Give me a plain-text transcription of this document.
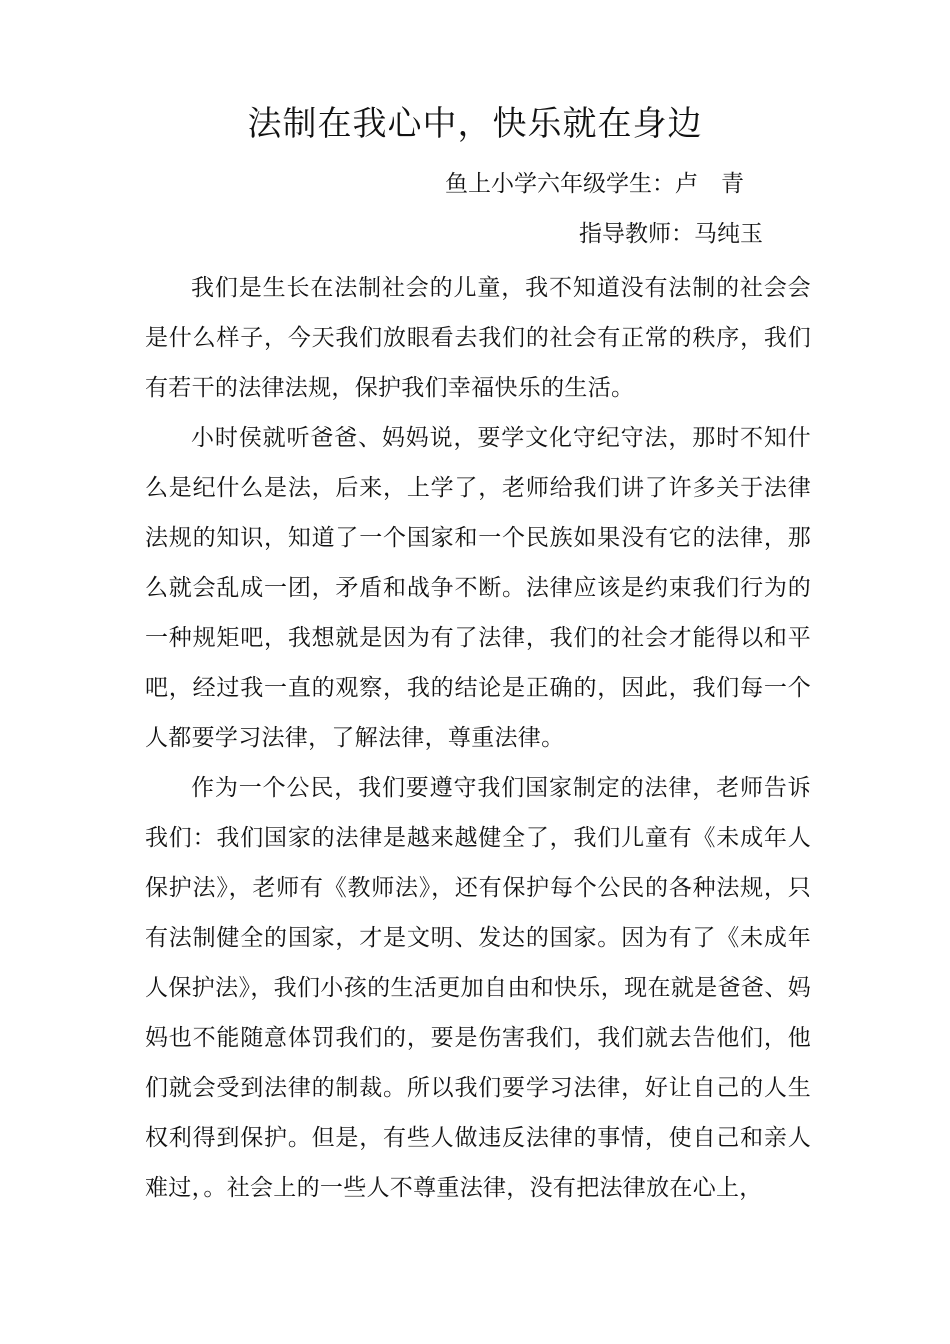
法制在我心中，快乐就在身边

鱼上小学六年级学生：卢　青

指导教师：马纯玉

我们是生长在法制社会的儿童，我不知道没有法制的社会会是什么样子，今天我们放眼看去我们的社会有正常的秩序，我们有若干的法律法规，保护我们幸福快乐的生活。

小时侯就听爸爸、妈妈说，要学文化守纪守法，那时不知什么是纪什么是法，后来，上学了，老师给我们讲了许多关于法律法规的知识，知道了一个国家和一个民族如果没有它的法律，那么就会乱成一团，矛盾和战争不断。法律应该是约束我们行为的一种规矩吧，我想就是因为有了法律，我们的社会才能得以和平吧，经过我一直的观察，我的结论是正确的，因此，我们每一个人都要学习法律，了解法律，尊重法律。

作为一个公民，我们要遵守我们国家制定的法律，老师告诉我们：我们国家的法律是越来越健全了，我们儿童有《未成年人保护法》，老师有《教师法》，还有保护每个公民的各种法规，只有法制健全的国家，才是文明、发达的国家。因为有了《未成年人保护法》，我们小孩的生活更加自由和快乐，现在就是爸爸、妈妈也不能随意体罚我们的，要是伤害我们，我们就去告他们，他们就会受到法律的制裁。所以我们要学习法律，好让自己的人生权利得到保护。但是，有些人做违反法律的事情，使自己和亲人难过，。社会上的一些人不尊重法律，没有把法律放在心上，
